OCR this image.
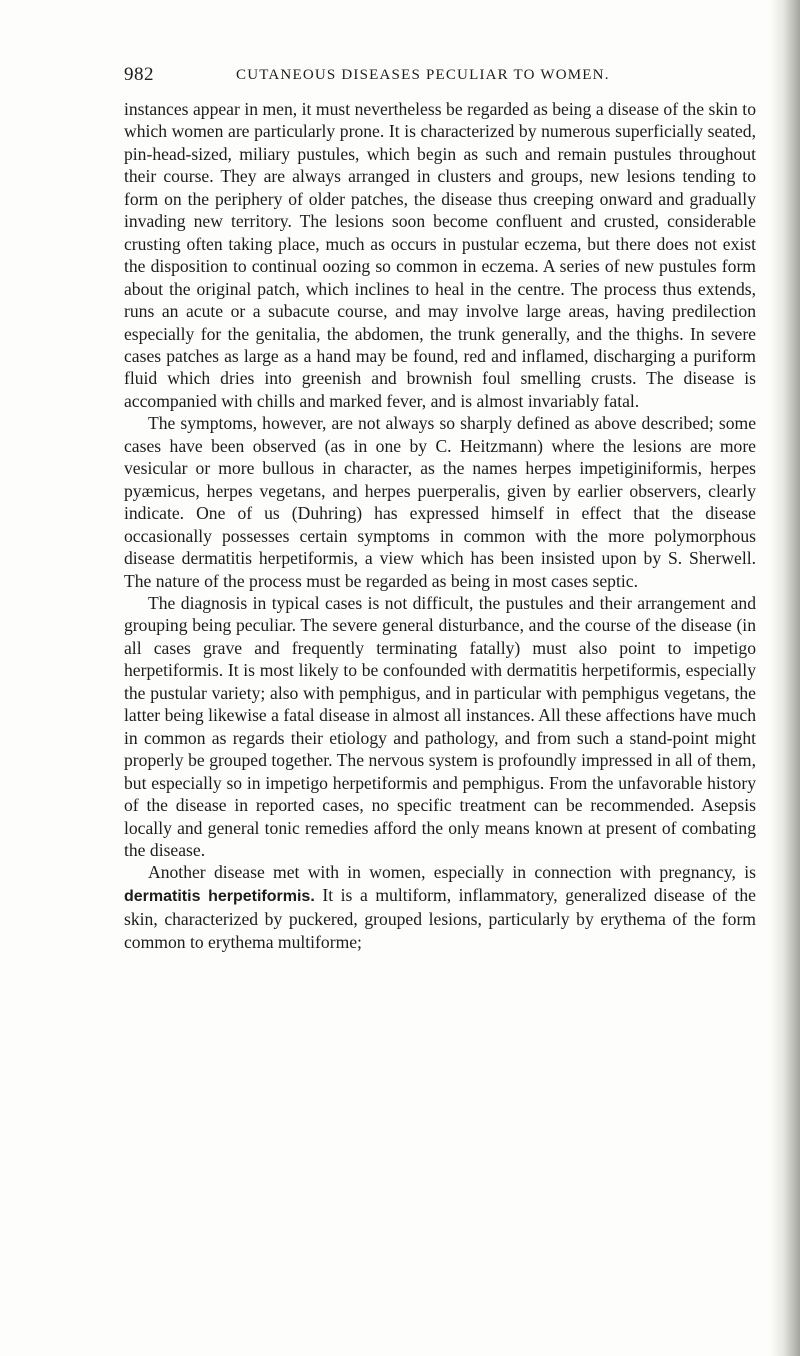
982	CUTANEOUS DISEASES PECULIAR TO WOMEN.

instances appear in men, it must nevertheless be regarded as being a disease of the skin to which women are particularly prone. It is characterized by numerous superficially seated, pin-head-sized, miliary pustules, which begin as such and remain pustules throughout their course. They are always arranged in clusters and groups, new lesions tending to form on the periphery of older patches, the disease thus creeping onward and gradually invading new territory. The lesions soon become confluent and crusted, considerable crusting often taking place, much as occurs in pustular eczema, but there does not exist the disposition to continual oozing so common in eczema. A series of new pustules form about the original patch, which inclines to heal in the centre. The process thus extends, runs an acute or a subacute course, and may involve large areas, having predilection especially for the genitalia, the abdomen, the trunk generally, and the thighs. In severe cases patches as large as a hand may be found, red and inflamed, discharging a puriform fluid which dries into greenish and brownish foul smelling crusts. The disease is accompanied with chills and marked fever, and is almost invariably fatal.

The symptoms, however, are not always so sharply defined as above described; some cases have been observed (as in one by C. Heitzmann) where the lesions are more vesicular or more bullous in character, as the names herpes impetiginiformis, herpes pyæmicus, herpes vegetans, and herpes puerperalis, given by earlier observers, clearly indicate. One of us (Duhring) has expressed himself in effect that the disease occasionally possesses certain symptoms in common with the more polymorphous disease dermatitis herpetiformis, a view which has been insisted upon by S. Sherwell. The nature of the process must be regarded as being in most cases septic.

The diagnosis in typical cases is not difficult, the pustules and their arrangement and grouping being peculiar. The severe general disturbance, and the course of the disease (in all cases grave and frequently terminating fatally) must also point to impetigo herpetiformis. It is most likely to be confounded with dermatitis herpetiformis, especially the pustular variety; also with pemphigus, and in particular with pemphigus vegetans, the latter being likewise a fatal disease in almost all instances. All these affections have much in common as regards their etiology and pathology, and from such a stand-point might properly be grouped together. The nervous system is profoundly impressed in all of them, but especially so in impetigo herpetiformis and pemphigus. From the unfavorable history of the disease in reported cases, no specific treatment can be recommended. Asepsis locally and general tonic remedies afford the only means known at present of combating the disease.

Another disease met with in women, especially in connection with pregnancy, is dermatitis herpetiformis. It is a multiform, inflammatory, generalized disease of the skin, characterized by puckered, grouped lesions, particularly by erythema of the form common to erythema multiforme;
